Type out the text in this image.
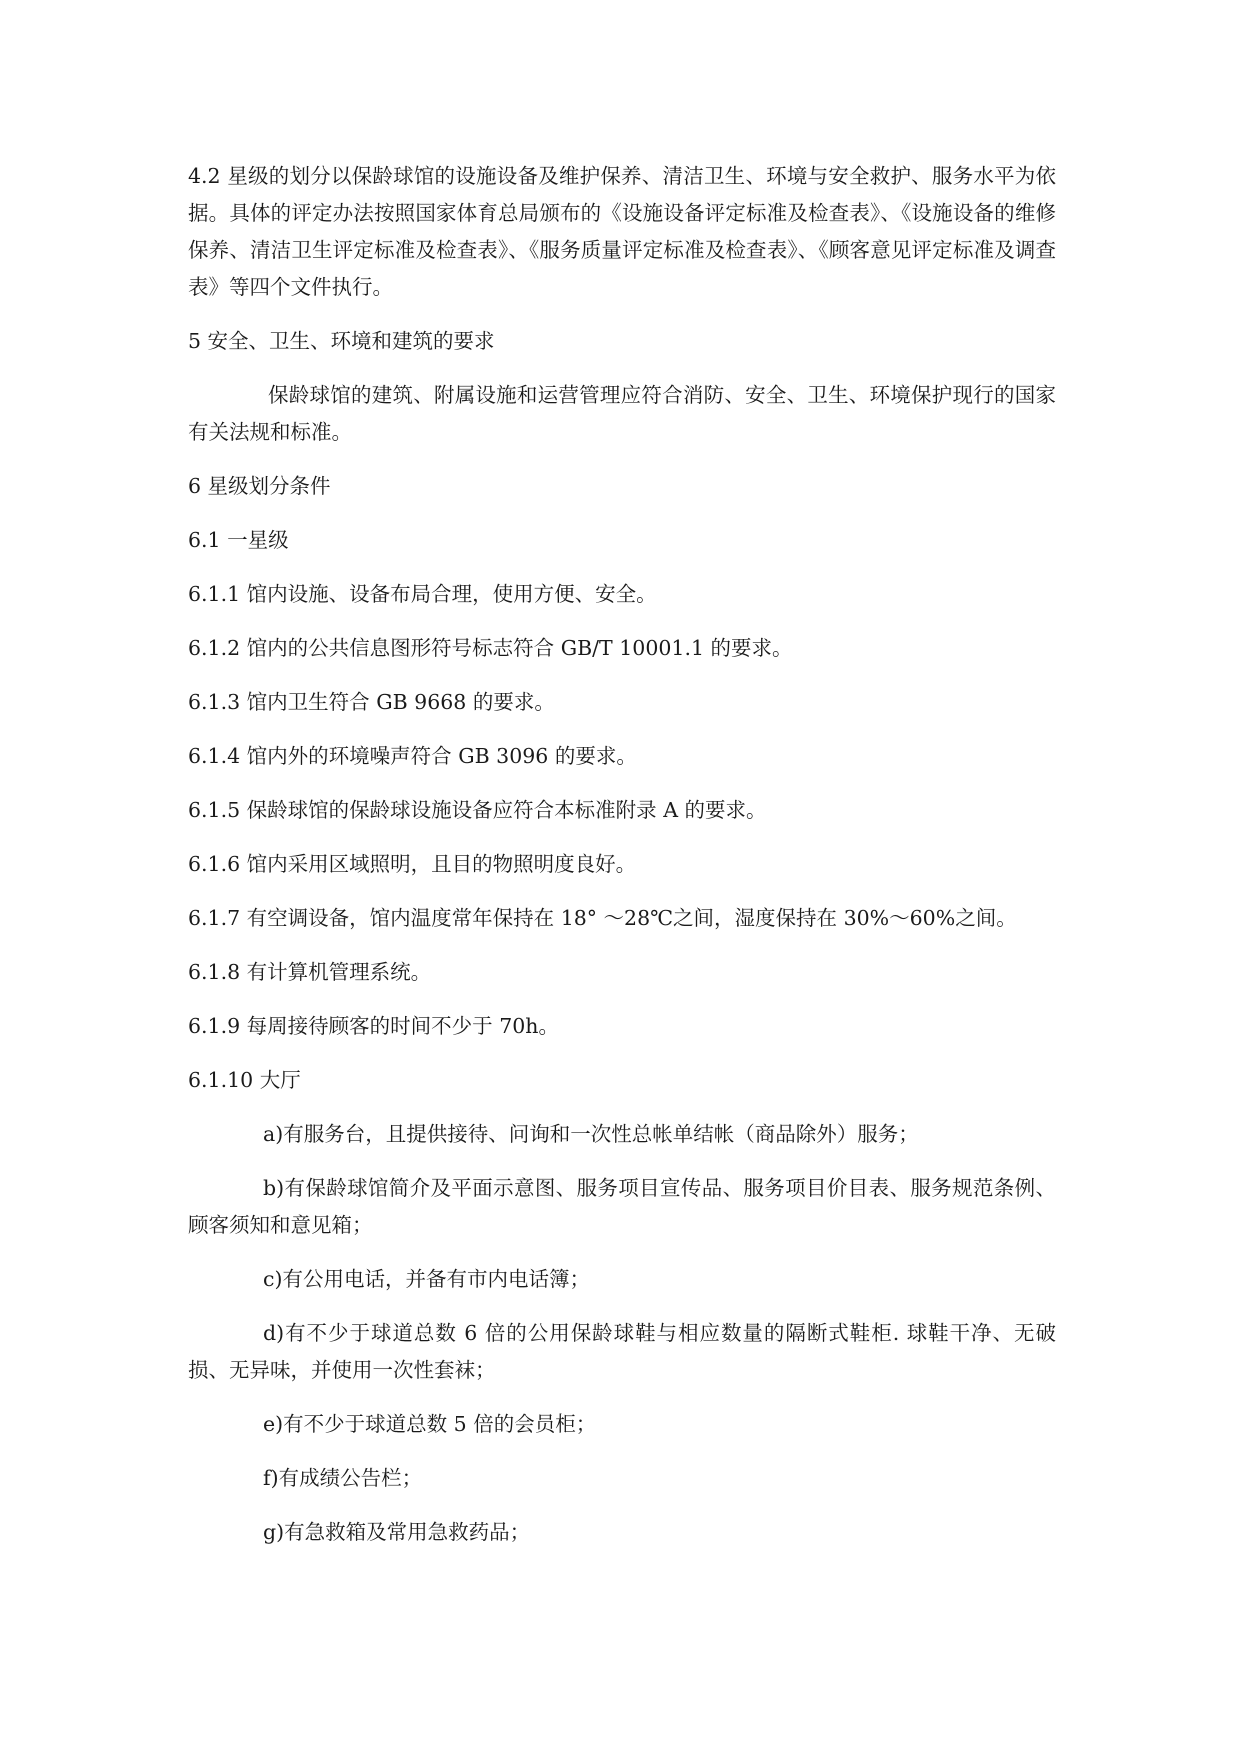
4.2 星级的划分以保龄球馆的设施设备及维护保养、清洁卫生、环境与安全救护、服务水平为依据。具体的评定办法按照国家体育总局颁布的《设施设备评定标准及检查表》、《设施设备的维修保养、清洁卫生评定标准及检查表》、《服务质量评定标准及检查表》、《顾客意见评定标准及调查表》等四个文件执行。

5 安全、卫生、环境和建筑的要求

保龄球馆的建筑、附属设施和运营管理应符合消防、安全、卫生、环境保护现行的国家有关法规和标准。

6 星级划分条件

6.1 一星级

6.1.1 馆内设施、设备布局合理，使用方便、安全。

6.1.2 馆内的公共信息图形符号标志符合 GB/T 10001.1 的要求。

6.1.3 馆内卫生符合 GB 9668 的要求。

6.1.4 馆内外的环境噪声符合 GB 3096 的要求。

6.1.5 保龄球馆的保龄球设施设备应符合本标准附录 A 的要求。

6.1.6 馆内采用区域照明，且目的物照明度良好。

6.1.7 有空调设备，馆内温度常年保持在 18° ～28℃之间，湿度保持在 30%～60%之间。

6.1.8 有计算机管理系统。

6.1.9 每周接待顾客的时间不少于 70h。

6.1.10 大厅

a)有服务台，且提供接待、问询和一次性总帐单结帐（商品除外）服务；

b)有保龄球馆简介及平面示意图、服务项目宣传品、服务项目价目表、服务规范条例、顾客须知和意见箱；

c)有公用电话，并备有市内电话簿；

d)有不少于球道总数 6 倍的公用保龄球鞋与相应数量的隔断式鞋柜. 球鞋干净、无破损、无异味，并使用一次性套袜；

e)有不少于球道总数 5 倍的会员柜；

f)有成绩公告栏；

g)有急救箱及常用急救药品；
